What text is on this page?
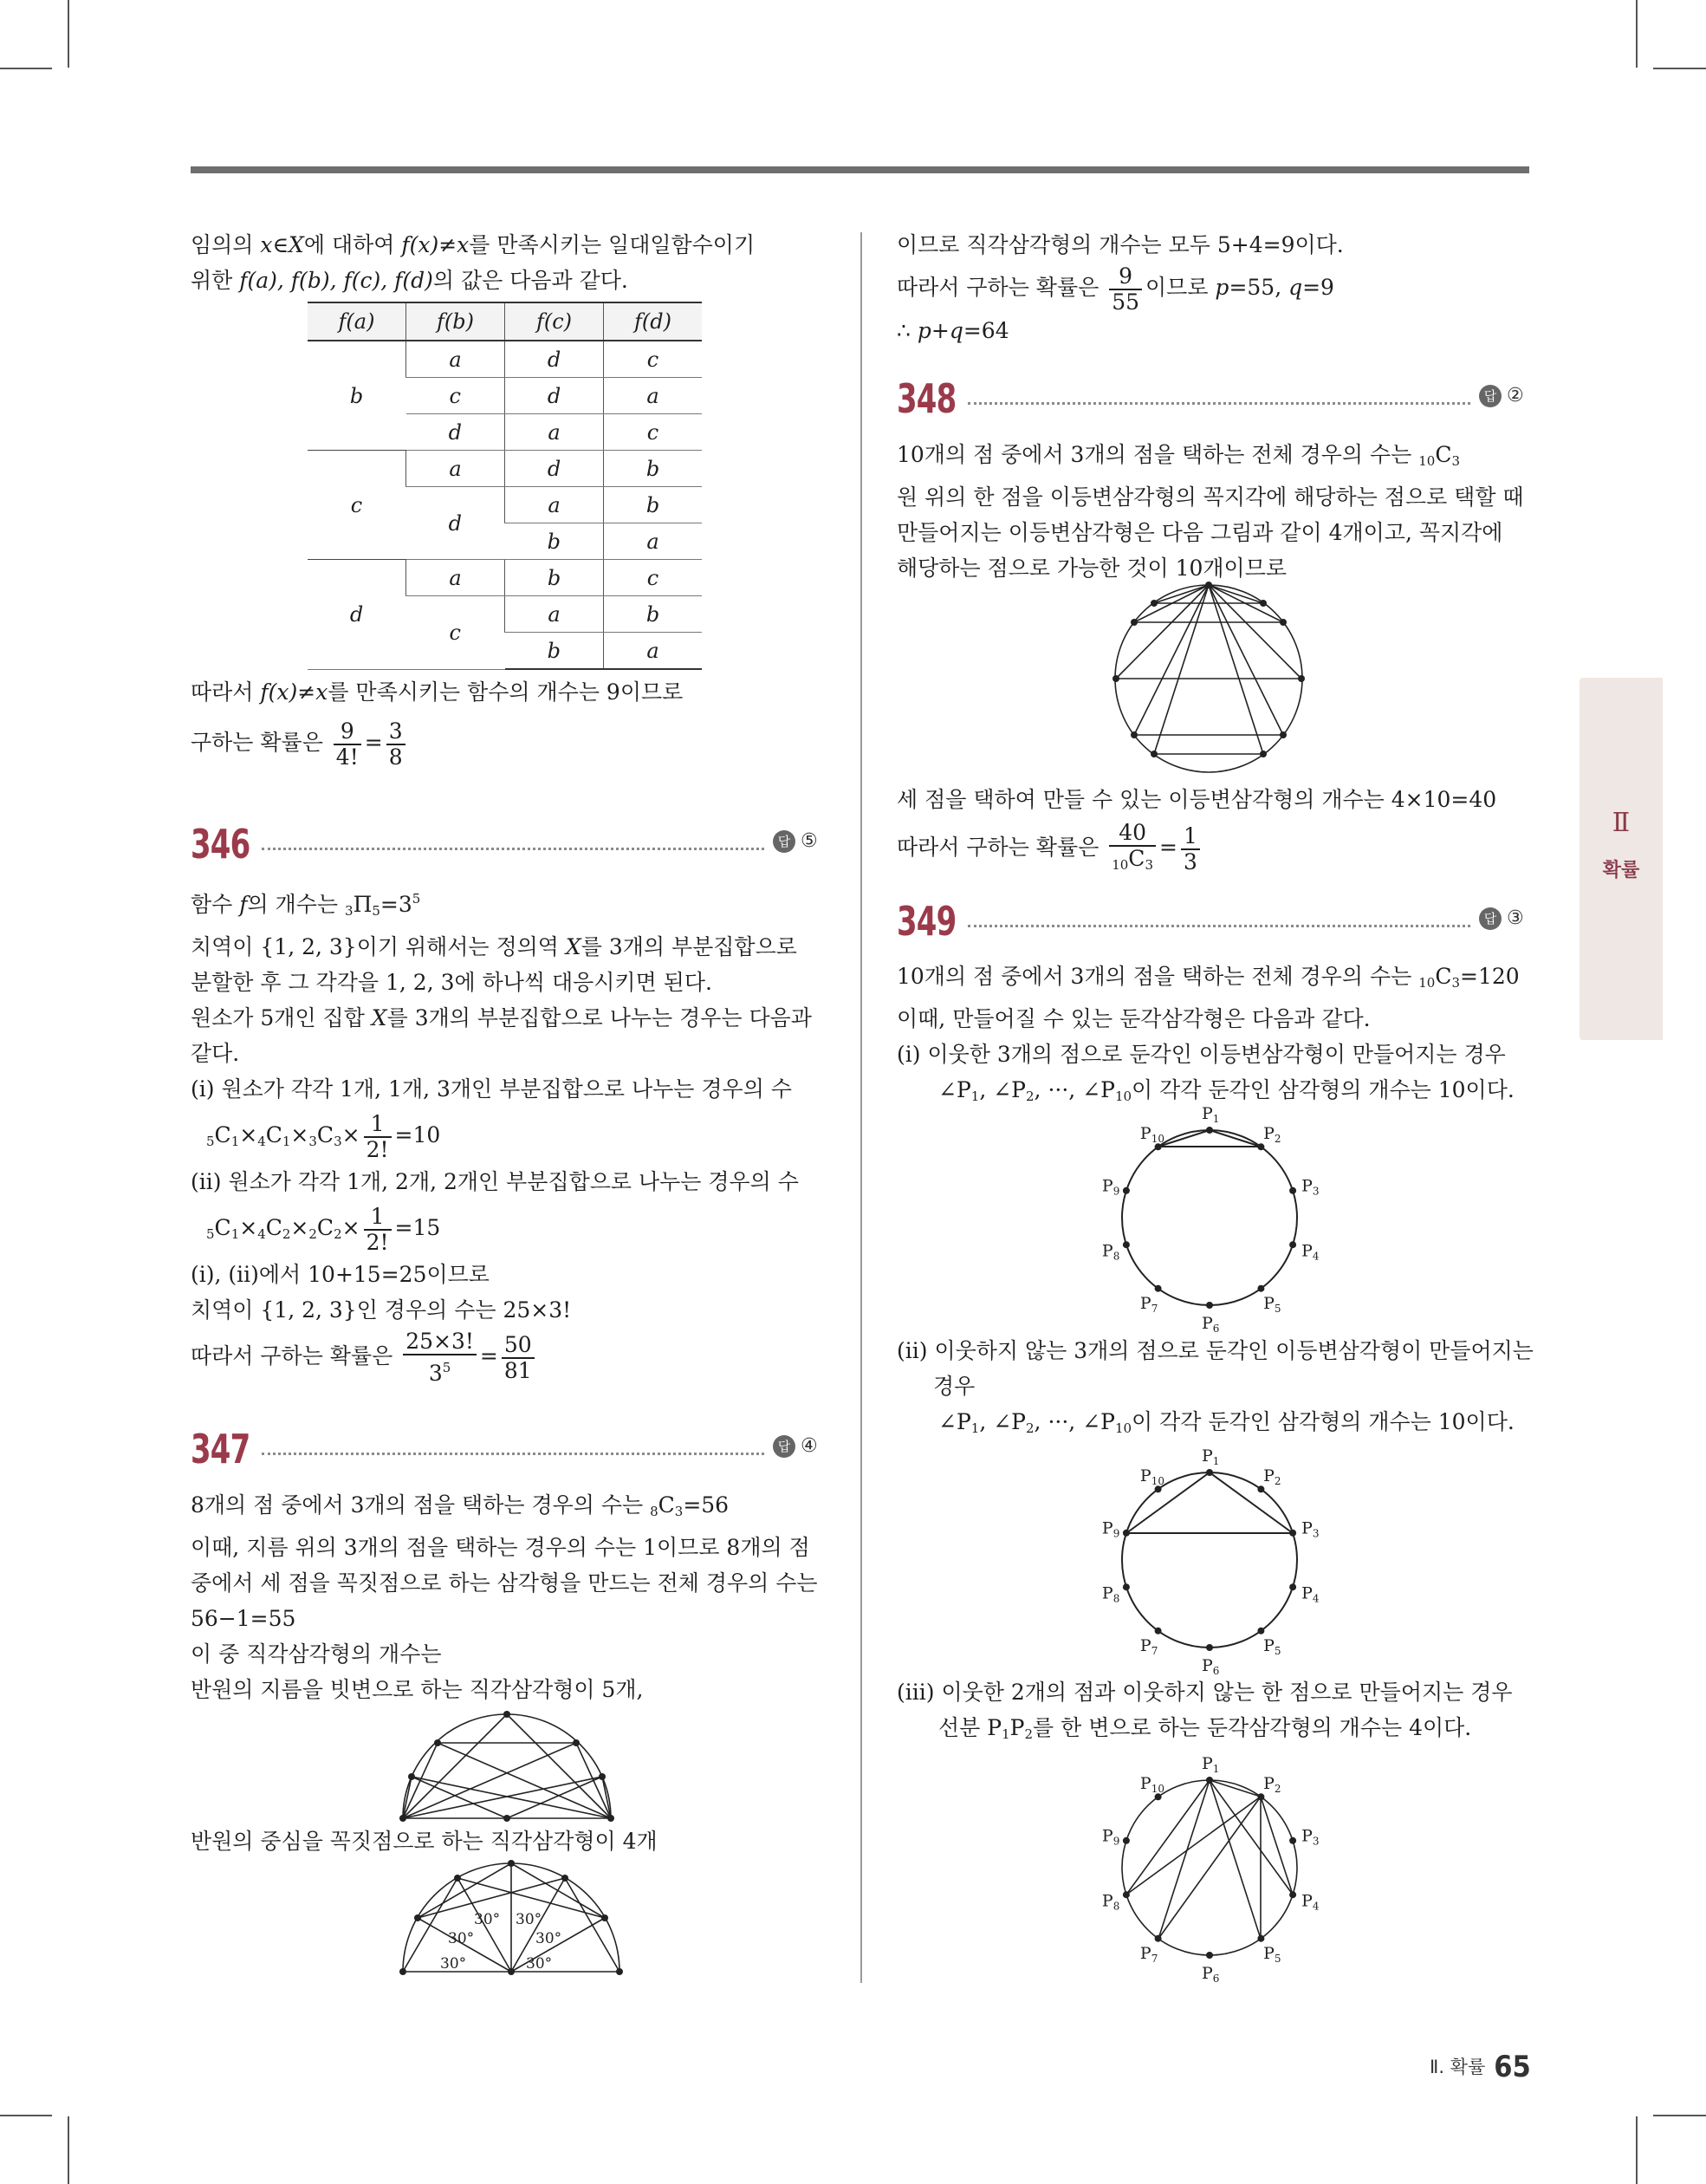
임의의 x∈X에 대하여 f(x)≠x를 만족시키는 일대일함수이기

위한 f(a), f(b), f(c), f(d)의 값은 다음과 같다.

f(a)	f(b)	f(c)	f(d)
b	a	d	c
	c	d	a
	d	a	c
c	a	d	b
	d	a	b
		b	a
d	a	b	c
	c	a	b
		b	a

따라서 f(x)≠x를 만족시키는 함수의 개수는 9이므로

구하는 확률은 $\frac{9}{4!} = \frac{3}{8}$

346	답 ⑤

함수 f의 개수는 $_3\Pi_5=3^5$

치역이 {1, 2, 3}이기 위해서는 정의역 X를 3개의 부분집합으로

분할한 후 그 각각을 1, 2, 3에 하나씩 대응시키면 된다.

원소가 5개인 집합 X를 3개의 부분집합으로 나누는 경우는 다음과

같다.

(ⅰ) 원소가 각각 1개, 1개, 3개인 부분집합으로 나누는 경우의 수

$_5C_1\times_4C_1\times_3C_3\times \frac{1}{2!} =10$

(ⅱ) 원소가 각각 1개, 2개, 2개인 부분집합으로 나누는 경우의 수

$_5C_1\times_4C_2\times_2C_2\times \frac{1}{2!} =15$

(ⅰ), (ⅱ)에서 10+15=25이므로

치역이 {1, 2, 3}인 경우의 수는 25×3!

따라서 구하는 확률은 $\frac{25\times 3!}{3^5} = \frac{50}{81}$

347	답 ④

8개의 점 중에서 3개의 점을 택하는 경우의 수는 $_8C_3=56$

이때, 지름 위의 3개의 점을 택하는 경우의 수는 1이므로 8개의 점

중에서 세 점을 꼭짓점으로 하는 삼각형을 만드는 전체 경우의 수는

56−1=55

이 중 직각삼각형의 개수는

반원의 지름을 빗변으로 하는 직각삼각형이 5개,

반원의 중심을 꼭짓점으로 하는 직각삼각형이 4개

30°
30°
30° 30°
30°
30°

이므로 직각삼각형의 개수는 모두 5+4=9이다.

따라서 구하는 확률은 $\frac{9}{55}$ 이므로 p=55, q=9

∴ p+q=64

348	답 ②

10개의 점 중에서 3개의 점을 택하는 전체 경우의 수는 $_{10}C_3$

원 위의 한 점을 이등변삼각형의 꼭지각에 해당하는 점으로 택할 때

만들어지는 이등변삼각형은 다음 그림과 같이 4개이고, 꼭지각에

해당하는 점으로 가능한 것이 10개이므로

세 점을 택하여 만들 수 있는 이등변삼각형의 개수는 4×10=40

따라서 구하는 확률은 $\frac{40}{_{10}C_3} = \frac{1}{3}$

349	답 ③

10개의 점 중에서 3개의 점을 택하는 전체 경우의 수는 $_{10}C_3=120$

이때, 만들어질 수 있는 둔각삼각형은 다음과 같다.

(ⅰ) 이웃한 3개의 점으로 둔각인 이등변삼각형이 만들어지는 경우

$\angle P_1$, $\angle P_2$, ···, $\angle P_{10}$이 각각 둔각인 삼각형의 개수는 10이다.

$P_1$
$P_2$
$P_3$
$P_4$
$P_5$
$P_6$
$P_7$
$P_8$
$P_9$
$P_{10}$

(ⅱ) 이웃하지 않는 3개의 점으로 둔각인 이등변삼각형이 만들어지는

경우

$\angle P_1$, $\angle P_2$, ···, $\angle P_{10}$이 각각 둔각인 삼각형의 개수는 10이다.

$P_1$
$P_2$
$P_3$
$P_4$
$P_5$
$P_6$
$P_7$
$P_8$
$P_9$
$P_{10}$

(ⅲ) 이웃한 2개의 점과 이웃하지 않는 한 점으로 만들어지는 경우

선분 $P_1P_2$를 한 변으로 하는 둔각삼각형의 개수는 4이다.

$P_1$
$P_2$
$P_3$
$P_4$
$P_5$
$P_6$
$P_7$
$P_8$
$P_9$
$P_{10}$
Ⅱ
확률
Ⅱ. 확률 65
